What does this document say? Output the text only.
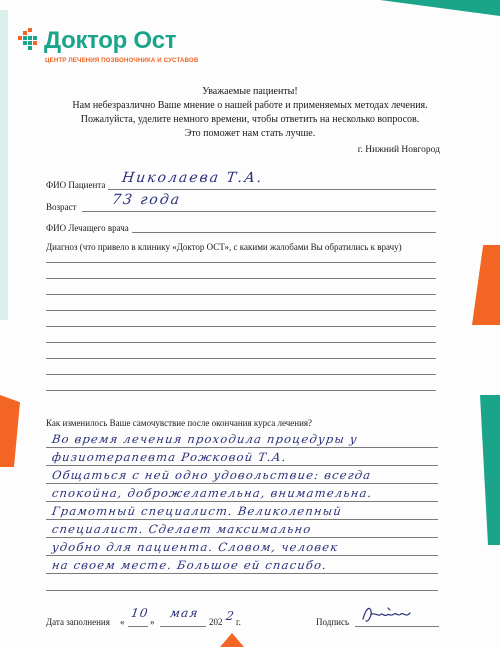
Доктор Ост
ЦЕНТР ЛЕЧЕНИЯ ПОЗВОНОЧНИКА И СУСТАВОВ
Уважаемые пациенты!
Нам небезразлично Ваше мнение о нашей работе и применяемых методах лечения.
Пожалуйста, уделите немного времени, чтобы ответить на несколько вопросов.
Это поможет нам стать лучше.
г. Нижний Новгород
ФИО Пациента Николаева Т.А.
Возраст 73 года
ФИО Лечащего врача
Диагноз (что привело в клинику «Доктор ОСТ», с какими жалобами Вы обратились к врачу)
Как изменилось Ваше самочувствие после окончания курса лечения?
Во время лечения проходила процедуры у
физиотерапевта Рожковой Т.А.
Общаться с ней одно удовольствие: всегда
спокойна, доброжелательна, внимательна.
Грамотный специалист. Великолепный
специалист. Сделает максимально
удобно для пациента. Словом, человек
на своем месте. Большое ей спасибо.
Дата заполнения «
10
»
мая
202 2 г.	Подпись
